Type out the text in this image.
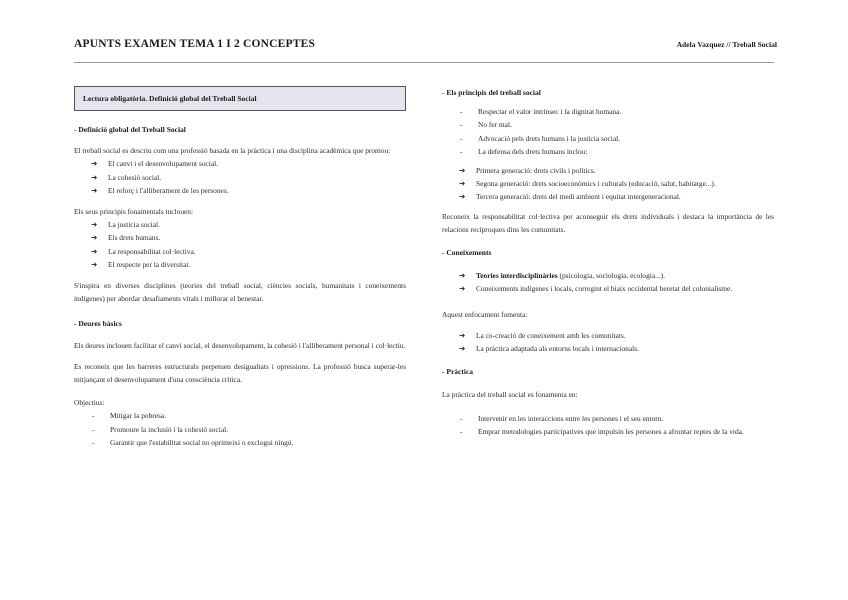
APUNTS EXAMEN TEMA 1 I 2 CONCEPTES	Adela Vazquez // Treball Social
Lectura obligatòria. Definició global del Treball Social
- Definició global del Treball Social

El treball social es descriu com una professió basada en la pràctica i una disciplina acadèmica que promou:

➔ El canvi i el desenvolupament social.
➔ La cohesió social.
➔ El reforç i l'alliberament de les persones.

Els seus principis fonamentals inclouen:

➔ La justícia social.
➔ Els drets humans.
➔ La responsabilitat col·lectiva.
➔ El respecte per la diversitat.

S'inspira en diverses disciplines (teories del treball social, ciències socials, humanitats i coneixements indígenes) per abordar desafiaments vitals i millorar el benestar.

- Deures bàsics

Els deures inclouen facilitar el canvi social, el desenvolupament, la cohesió i l'alliberament personal i col·lectiu.

Es reconeix que les barreres estructurals perpetuen desigualtats i opressions. La professió busca superar-les mitjançant el desenvolupament d'una consciència crítica.

Objectius:

- Mitigar la pobresa.
- Promoure la inclusió i la cohesió social.
- Garantir que l'estabilitat social no oprimeixi o exclogui ningú.
- Els principis del treball social
- Respectar el valor intrínsec i la dignitat humana.
- No fer mal.
- Advocació pels drets humans i la justícia social.
- La defensa dels drets humans inclou:
➔ Primera generació: drets civils i polítics.
➔ Segona generació: drets socioeconòmics i culturals (educació, salut, habitatge...).
➔ Tercera generació: drets del medi ambient i equitat intergeneracional.

Reconeix la responsabilitat col·lectiva per aconseguir els drets individuals i destaca la importància de les relacions recíproques dins les comunitats.

- Coneixements
➔ Teories interdisciplinàries (psicologia, sociologia, ecologia...).
➔ Coneixements indígenes i locals, corregint el biaix occidental heretat del colonialisme.

Aquest enfocament fomenta:

➔ La co-creació de coneixement amb les comunitats.
➔ La pràctica adaptada als entorns locals i internacionals.
- Pràctica

La pràctica del treball social es fonamenta en:

- Intervenir en les interaccions entre les persones i el seu entorn.
- Emprar metodologies participatives que impulsin les persones a afrontar reptes de la vida.
